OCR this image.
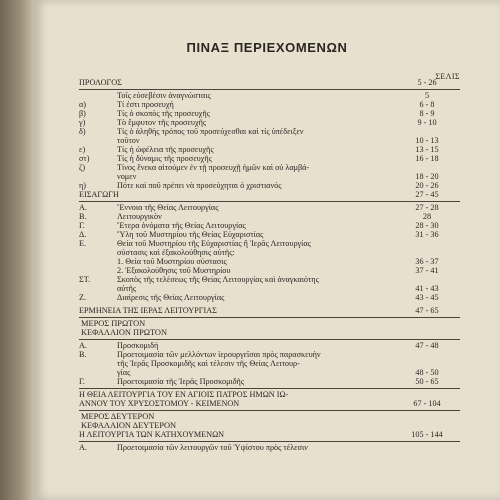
ΠΙΝΑΞ ΠΕΡΙΕΧΟΜΕΝΩΝ
ΣΕΛΙΣ
ΠΡΟΛΟΓΟΣ	5 - 26
Τοῖς εὐσεβέσιν ἀναγνώσταις	5
α)	Τί ἐστι προσευχή	6 - 8
β)	Τίς ὁ σκοπὸς τῆς προσευχῆς	8 - 9
γ)	Τὸ ἔμφυτον τῆς προσευχῆς	9 - 10
δ)	Τίς ὁ ἀληθὴς τρόπος τοῦ προσεύχεσθαι καὶ τίς ὑπέδειξεν
τοῦτον	10 - 13
ε)	Τίς ἡ ὠφέλεια τῆς προσευχῆς	13 - 15
στ)	Τίς ἡ δύναμις τῆς προσευχῆς	16 - 18
ζ)	Τίνος ἕνεκα αἰτούμεν ἐν τῇ προσευχῇ ἡμῶν καὶ οὐ λαμβά-
νομεν	18 - 20
η)	Πότε καὶ ποῦ πρέπει νὰ προσεύχηται ὁ χριστιανός	20 - 26
ΕΙΣΑΓΩΓΗ	27 - 45
Α.	Ἔννοια τῆς Θείας Λειτουργίας	27 - 28
Β.	Λειτουργικὸν	28
Γ.	Ἕτερα ὀνόματα τῆς Θείας Λειτουργίας	28 - 30
Δ.	Ὕλη τοῦ Μυστηρίου τῆς Θείας Εὐχαριστίας	31 - 36
Ε.	Θεία τοῦ Μυστηρίου τῆς Εὐχαριστίας ἢ Ἱερᾶς Λειτουργίας
σύστασις καὶ ἐξακολούθησις αὐτῆς:
1. Θεία τοῦ Μυστηρίου σύστασις	36 - 37
2. Ἐξακολούθησις τοῦ Μυστηρίου	37 - 41
ΣΤ.	Σκοπὸς τῆς τελέσεως τῆς Θείας Λειτουργίας καὶ ἀναγκαιότης
αὐτῆς	41 - 43
Ζ.	Διαίρεσις τῆς Θείας Λειτουργίας	43 - 45
ΕΡΜΗΝΕΙΑ ΤΗΣ ΙΕΡΑΣ ΛΕΙΤΟΥΡΓΙΑΣ	47 - 65
ΜΕΡΟΣ ΠΡΩΤΟΝ
ΚΕΦΑΛΑΙΟΝ ΠΡΩΤΟΝ
Α.	Προσκομιδή	47 - 48
Β.	Προετοιμασία τῶν μελλόντων ἱερουργεῖσαι πρὸς παρασκευὴν
τῆς Ἱερᾶς Προσκομιδῆς καὶ τέλεσιν τῆς Θείας Λειτουρ-
γίας	48 - 50
Γ.	Προετοιμασία τῆς Ἱερᾶς Προσκομιδῆς	50 - 65
Η ΘΕΙΑ ΛΕΙΤΟΥΡΓΙΑ ΤΟΥ ΕΝ ΑΓΙΟΙΣ ΠΑΤΡΟΣ ΗΜΩΝ ΙΩ-
ΑΝΝΟΥ ΤΟΥ ΧΡΥΣΟΣΤΟΜΟΥ - ΚΕΙΜΕΝΟΝ	67 - 104
ΜΕΡΟΣ ΔΕΥΤΕΡΟΝ
ΚΕΦΑΛΑΙΟΝ ΔΕΥΤΕΡΟΝ
Η ΛΕΙΤΟΥΡΓΙΑ ΤΩΝ ΚΑΤΗΧΟΥΜΕΝΩΝ	105 - 144
Α.	Προετοιμασία τῶν λειτουργῶν τοῦ Ὑψίστου πρὸς τέλεσιν
